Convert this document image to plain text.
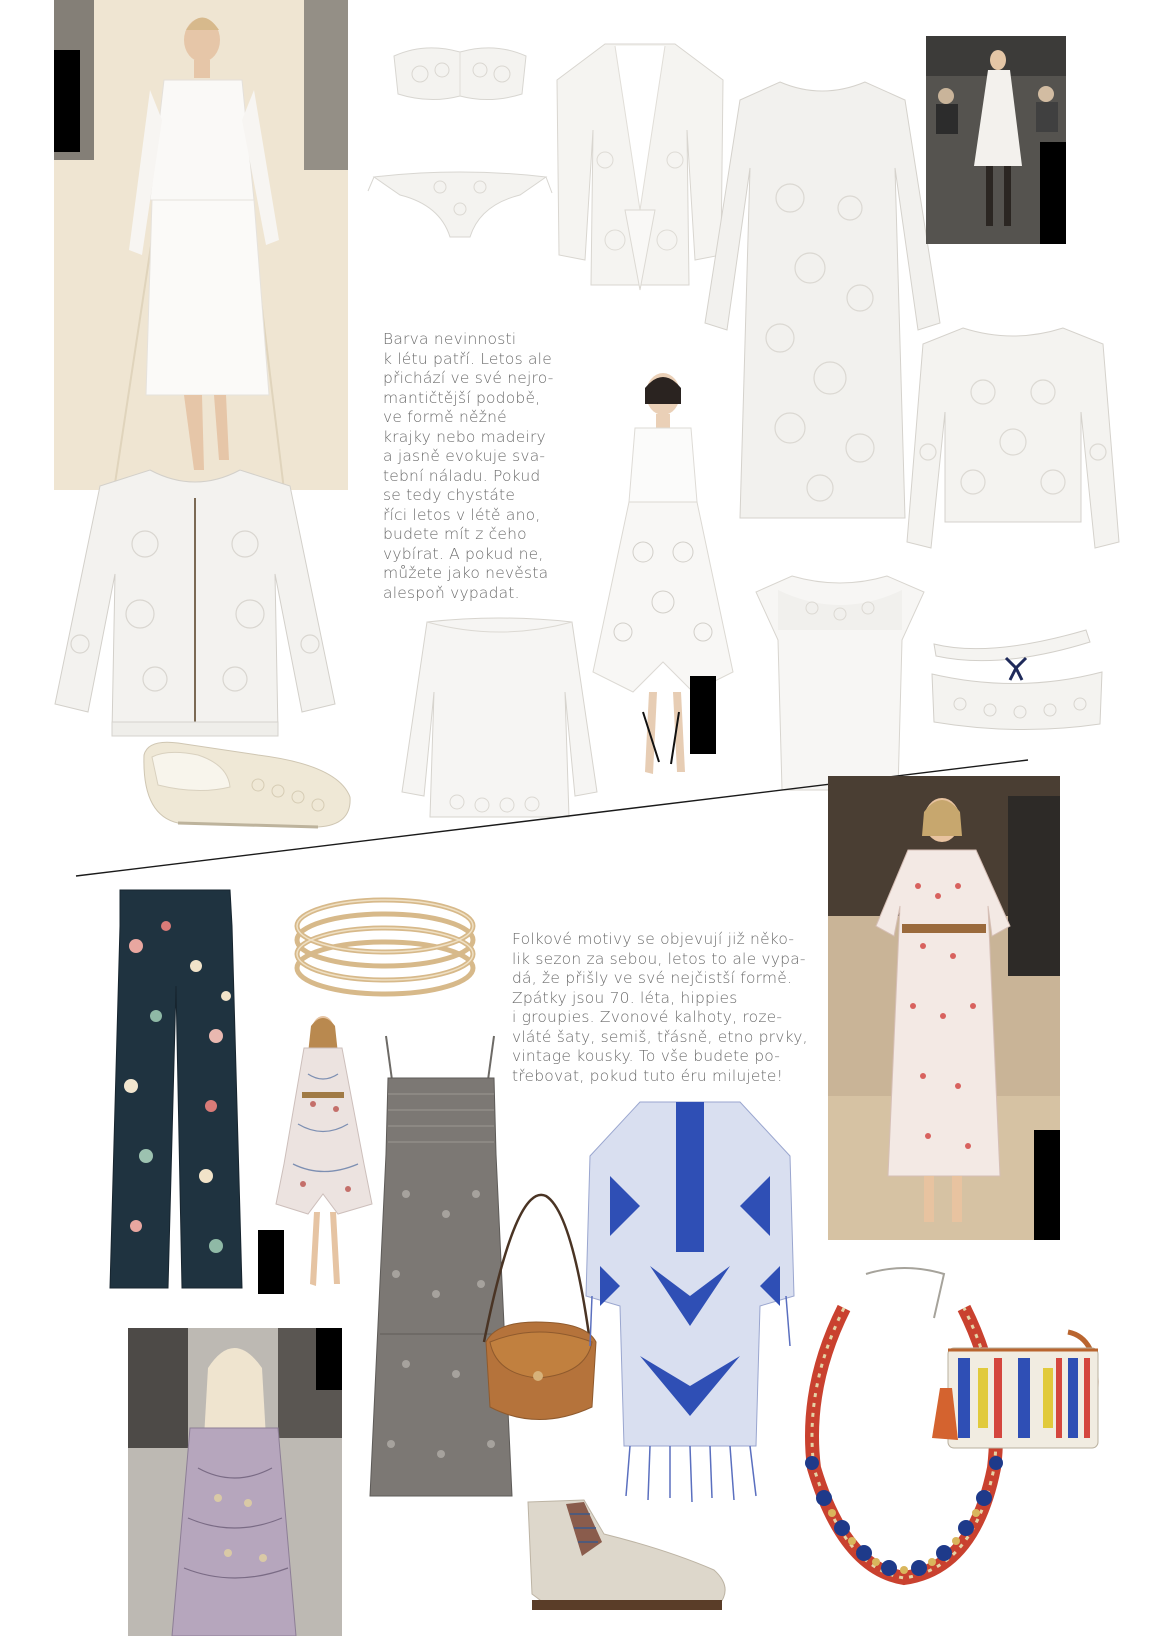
Barva nevinnosti
k létu patří. Letos ale
přichází ve své nejro-
mantičtější podobě,
ve formě něžné
krajky nebo madeiry
a jasně evokuje sva-
tební náladu. Pokud
se tedy chystáte
říci letos v létě ano,
budete mít z čeho
vybírat. A pokud ne,
můžete jako nevěsta
alespoň vypadat.
Folkové motivy se objevují již něko-
lik sezon za sebou, letos to ale vypa-
dá, že přišly ve své nejčistší formě.
Zpátky jsou 70. léta, hippies
i groupies. Zvonové kalhoty, roze-
vláté šaty, semiš, třásně, etno prvky,
vintage kousky. To vše budete po-
třebovat, pokud tuto éru milujete!
